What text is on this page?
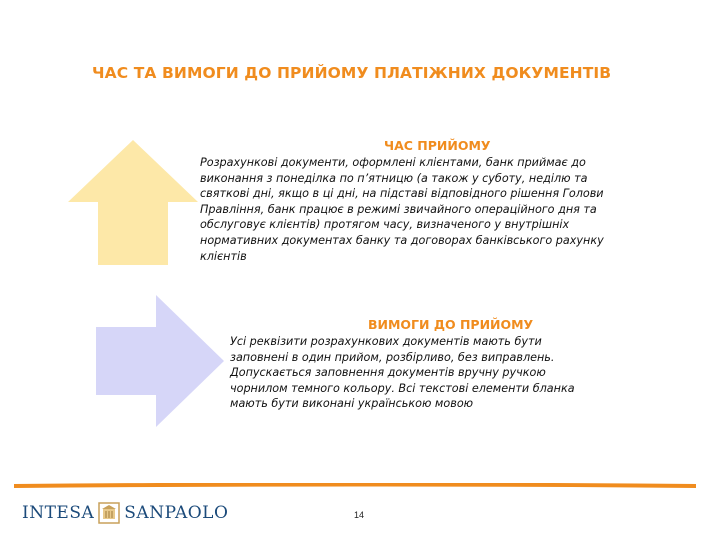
ЧАС ТА ВИМОГИ ДО ПРИЙОМУ ПЛАТІЖНИХ ДОКУМЕНТІВ
ЧАС ПРИЙОМУ
Розрахункові документи, оформлені клієнтами, банк приймає до
виконання з понеділка по п’ятницю (а також у суботу, неділю та
святкові дні, якщо в ці дні, на підставі відповідного рішення Голови
Правління, банк працює в режимі звичайного операційного дня та
обслуговує клієнтів) протягом часу, визначеного у внутрішніх
нормативних документах банку та договорах банківського рахунку
клієнтів
ВИМОГИ ДО ПРИЙОМУ
Усі реквізити розрахункових документів мають бути
заповнені в один прийом, розбірливо, без виправлень.
Допускається заповнення документів вручну ручкою
чорнилом темного кольору. Всі текстові елементи бланка
мають бути виконані українською мовою
INTESA SANPAOLO	14
